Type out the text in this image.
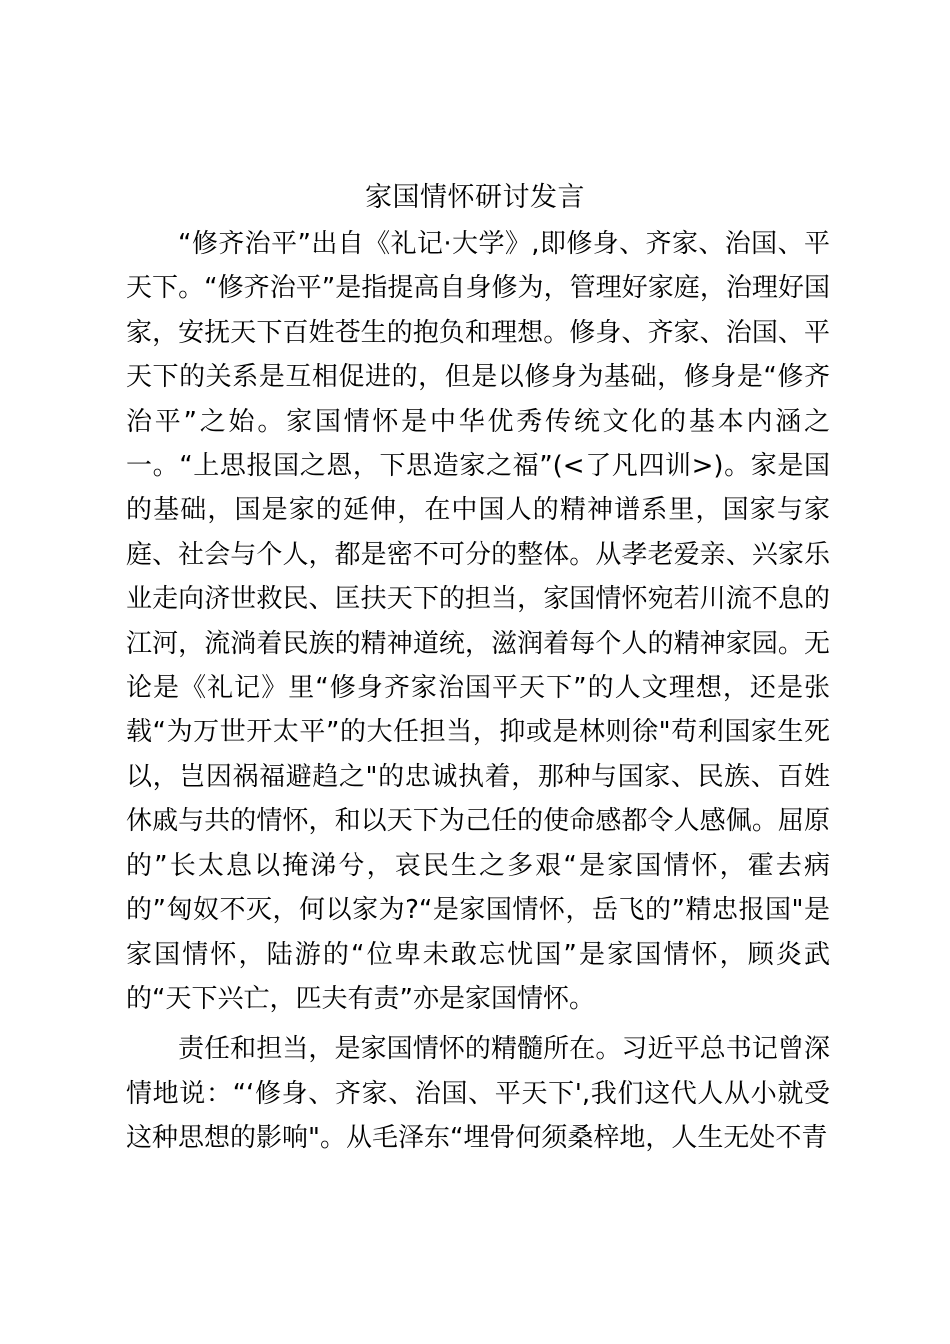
家国情怀研讨发言

“修齐治平”出自《礼记·大学》,即修身、齐家、治国、平天下。“修齐治平”是指提高自身修为，管理好家庭，治理好国家，安抚天下百姓苍生的抱负和理想。修身、齐家、治国、平天下的关系是互相促进的，但是以修身为基础，修身是“修齐治平”之始。家国情怀是中华优秀传统文化的基本内涵之一。“上思报国之恩，下思造家之福”(<了凡四训>)。家是国的基础，国是家的延伸，在中国人的精神谱系里，国家与家庭、社会与个人，都是密不可分的整体。从孝老爱亲、兴家乐业走向济世救民、匡扶天下的担当，家国情怀宛若川流不息的江河，流淌着民族的精神道统，滋润着每个人的精神家园。无论是《礼记》里“修身齐家治国平天下”的人文理想，还是张载“为万世开太平”的大任担当，抑或是林则徐"苟利国家生死以，岂因祸福避趋之"的忠诚执着，那种与国家、民族、百姓休戚与共的情怀，和以天下为己任的使命感都令人感佩。屈原的”长太息以掩涕兮，哀民生之多艰“是家国情怀，霍去病的”匈奴不灭，何以家为?“是家国情怀，岳飞的”精忠报国"是家国情怀，陆游的“位卑未敢忘忧国”是家国情怀，顾炎武的“天下兴亡，匹夫有责”亦是家国情怀。

责任和担当，是家国情怀的精髓所在。习近平总书记曾深情地说：“‘修身、齐家、治国、平天下',我们这代人从小就受这种思想的影响"。从毛泽东“埋骨何须桑梓地，人生无处不青
